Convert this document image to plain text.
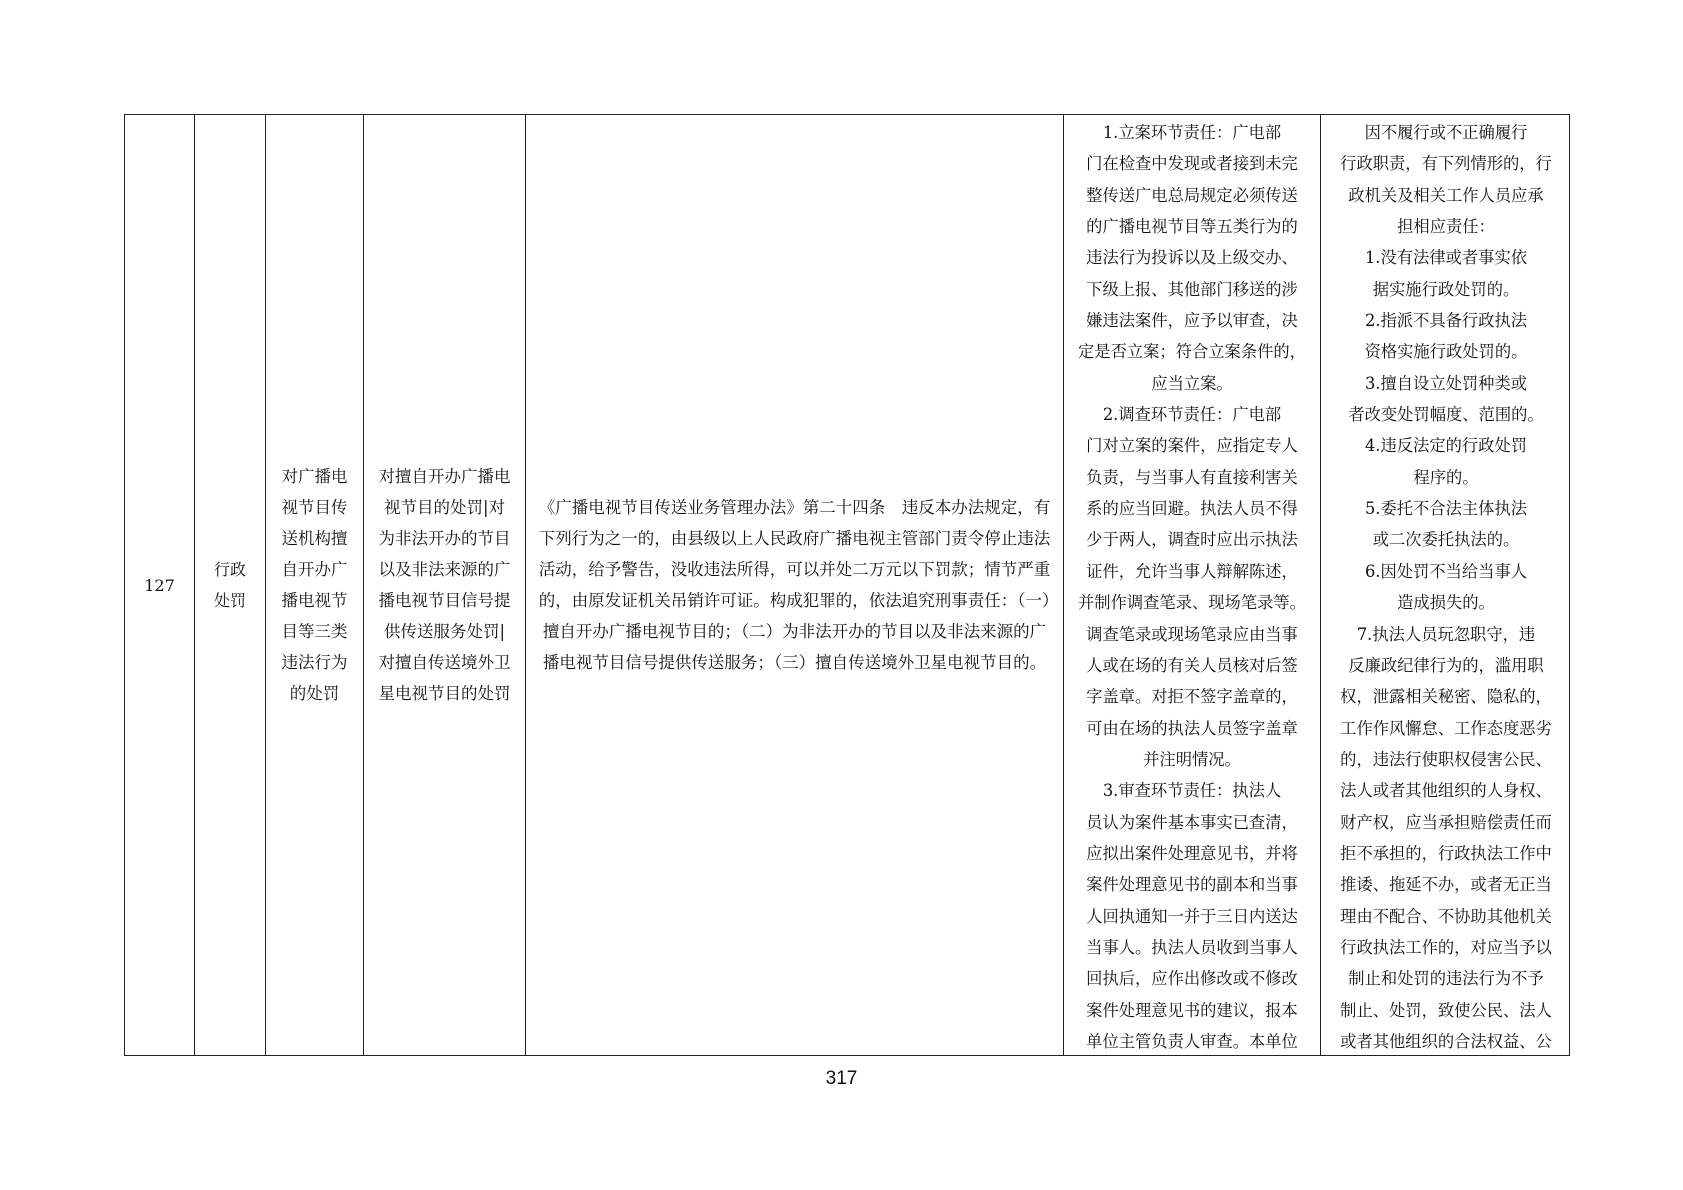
127
行政处罚
对广播电视节目传送机构擅自开办广播电视节目等三类违法行为的处罚
对擅自开办广播电视节目的处罚|对为非法开办的节目以及非法来源的广播电视节目信号提供传送服务处罚|对擅自传送境外卫星电视节目的处罚
《广播电视节目传送业务管理办法》第二十四条　违反本办法规定，有下列行为之一的，由县级以上人民政府广播电视主管部门责令停止违法活动，给予警告，没收违法所得，可以并处二万元以下罚款；情节严重的，由原发证机关吊销许可证。构成犯罪的，依法追究刑事责任：（一）擅自开办广播电视节目的；（二）为非法开办的节目以及非法来源的广播电视节目信号提供传送服务；（三）擅自传送境外卫星电视节目的。
1.立案环节责任：广电部
门在检查中发现或者接到未完
整传送广电总局规定必须传送
的广播电视节目等五类行为的
违法行为投诉以及上级交办、
下级上报、其他部门移送的涉
嫌违法案件，应予以审查，决
定是否立案；符合立案条件的，
应当立案。
2.调查环节责任：广电部
门对立案的案件，应指定专人
负责，与当事人有直接利害关
系的应当回避。执法人员不得
少于两人，调查时应出示执法
证件，允许当事人辩解陈述，
并制作调查笔录、现场笔录等。
调查笔录或现场笔录应由当事
人或在场的有关人员核对后签
字盖章。对拒不签字盖章的，
可由在场的执法人员签字盖章
并注明情况。
3.审查环节责任：执法人
员认为案件基本事实已查清，
应拟出案件处理意见书，并将
案件处理意见书的副本和当事
人回执通知一并于三日内送达
当事人。执法人员收到当事人
回执后，应作出修改或不修改
案件处理意见书的建议，报本
单位主管负责人审查。本单位
因不履行或不正确履行
行政职责，有下列情形的，行
政机关及相关工作人员应承
担相应责任：
1.没有法律或者事实依
据实施行政处罚的。
2.指派不具备行政执法
资格实施行政处罚的。
3.擅自设立处罚种类或
者改变处罚幅度、范围的。
4.违反法定的行政处罚
程序的。
5.委托不合法主体执法
或二次委托执法的。
6.因处罚不当给当事人
造成损失的。
7.执法人员玩忽职守，违
反廉政纪律行为的，滥用职
权，泄露相关秘密、隐私的，
工作作风懈怠、工作态度恶劣
的，违法行使职权侵害公民、
法人或者其他组织的人身权、
财产权，应当承担赔偿责任而
拒不承担的，行政执法工作中
推诿、拖延不办，或者无正当
理由不配合、不协助其他机关
行政执法工作的，对应当予以
制止和处罚的违法行为不予
制止、处罚，致使公民、法人
或者其他组织的合法权益、公
317
